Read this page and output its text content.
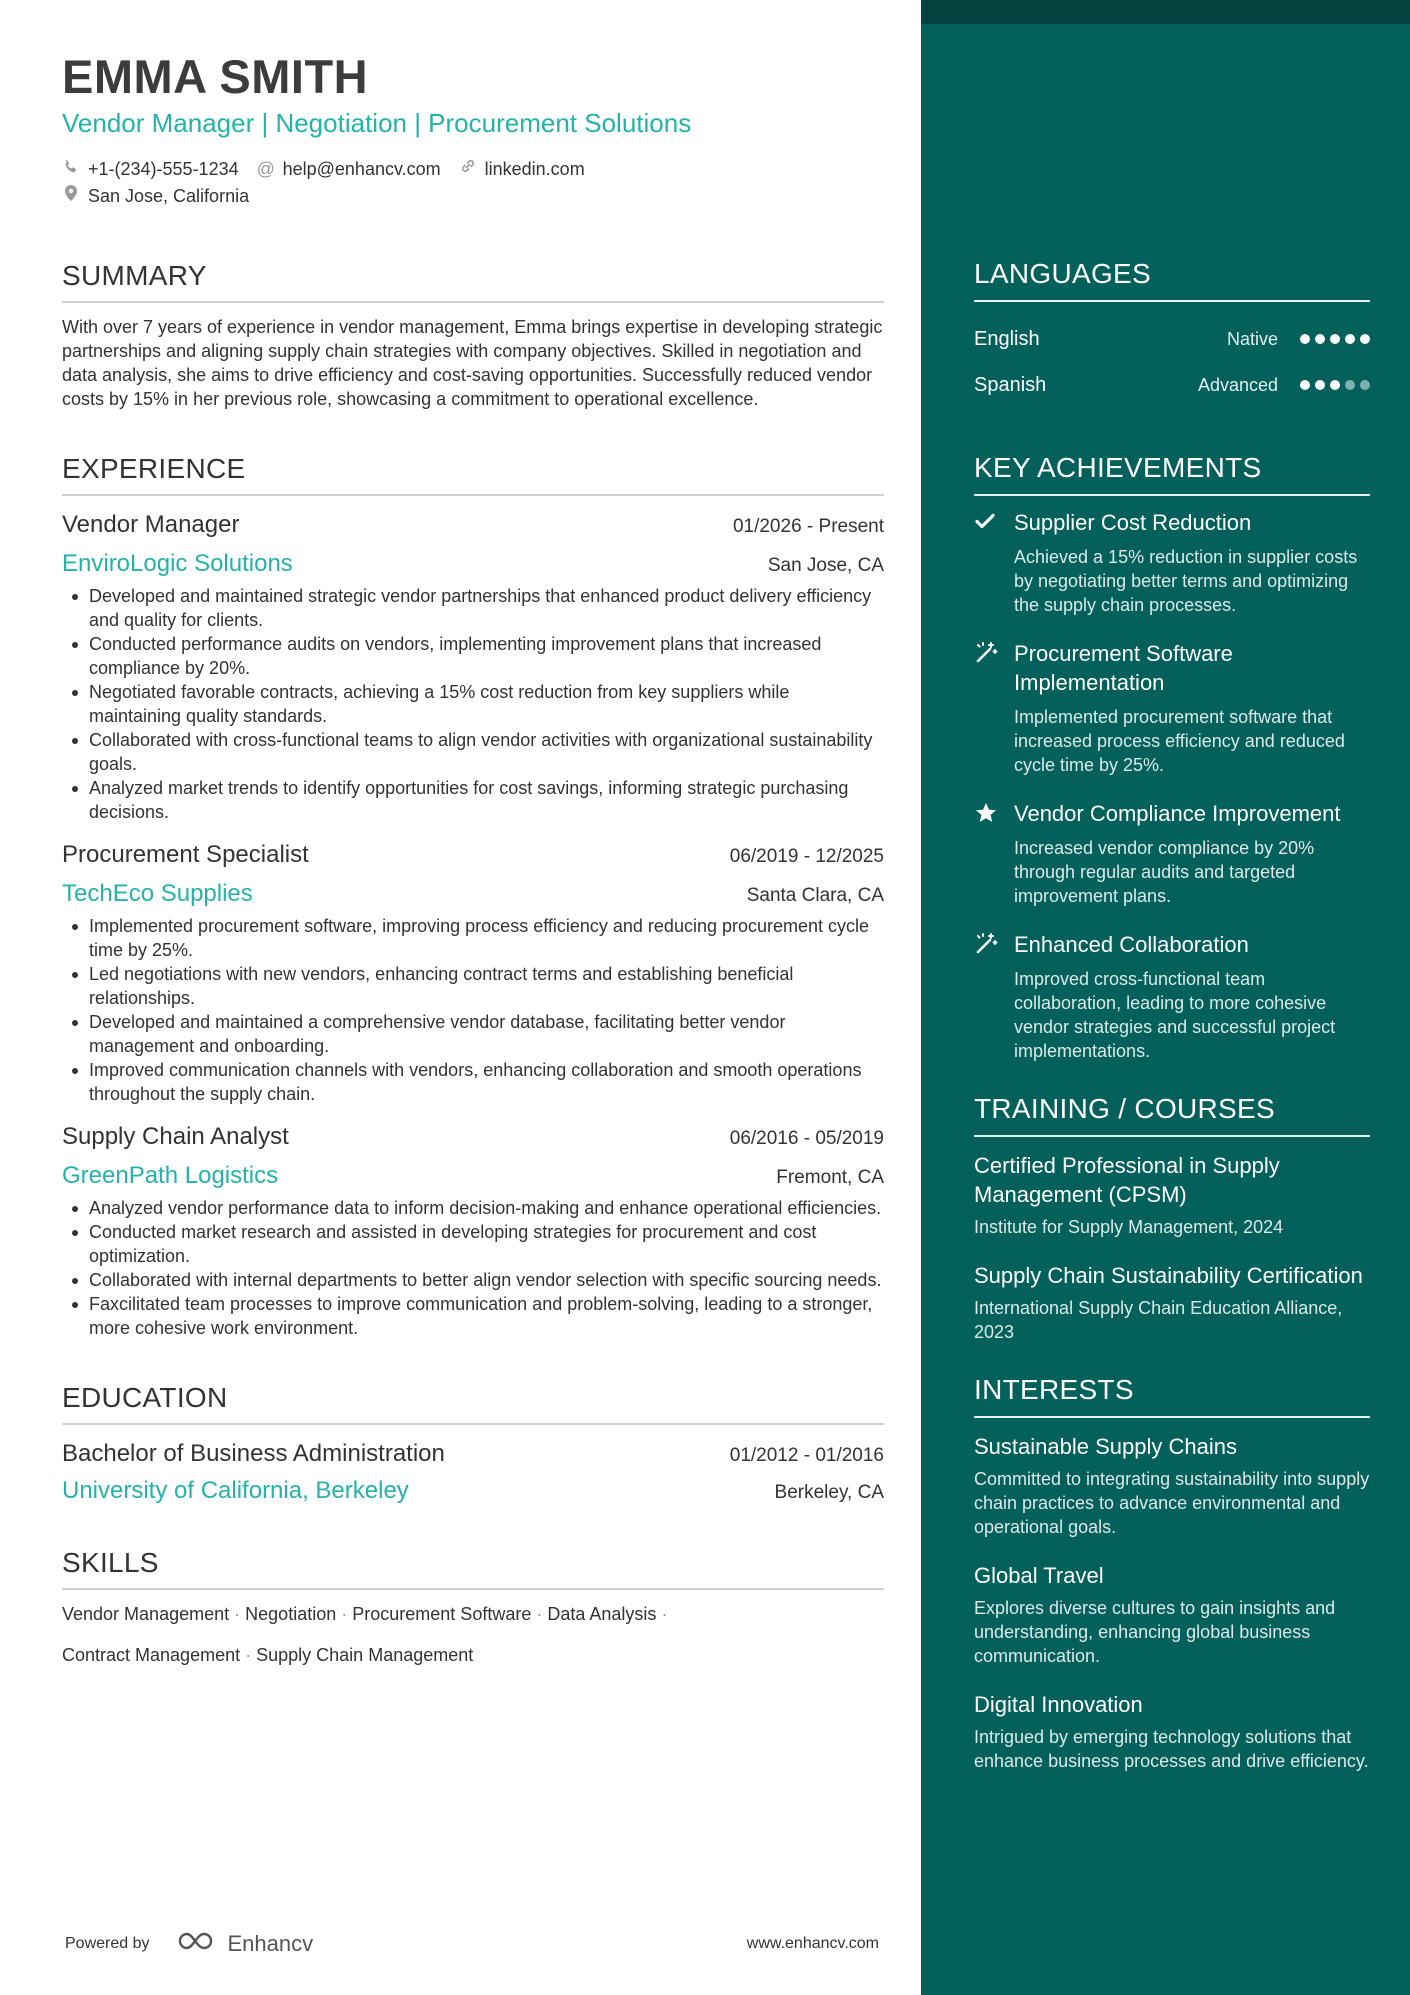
EMMA SMITH
Vendor Manager | Negotiation | Procurement Solutions
+1-(234)-555-1234 @ help@enhancv.com linkedin.com
San Jose, California
SUMMARY
With over 7 years of experience in vendor management, Emma brings expertise in developing strategic partnerships and aligning supply chain strategies with company objectives. Skilled in negotiation and data analysis, she aims to drive efficiency and cost-saving opportunities. Successfully reduced vendor costs by 15% in her previous role, showcasing a commitment to operational excellence.
EXPERIENCE
Vendor Manager	01/2026 - Present
EnviroLogic Solutions	San Jose, CA
Developed and maintained strategic vendor partnerships that enhanced product delivery efficiency and quality for clients.
Conducted performance audits on vendors, implementing improvement plans that increased compliance by 20%.
Negotiated favorable contracts, achieving a 15% cost reduction from key suppliers while maintaining quality standards.
Collaborated with cross-functional teams to align vendor activities with organizational sustainability goals.
Analyzed market trends to identify opportunities for cost savings, informing strategic purchasing decisions.
Procurement Specialist	06/2019 - 12/2025
TechEco Supplies	Santa Clara, CA
Implemented procurement software, improving process efficiency and reducing procurement cycle time by 25%.
Led negotiations with new vendors, enhancing contract terms and establishing beneficial relationships.
Developed and maintained a comprehensive vendor database, facilitating better vendor management and onboarding.
Improved communication channels with vendors, enhancing collaboration and smooth operations throughout the supply chain.
Supply Chain Analyst	06/2016 - 05/2019
GreenPath Logistics	Fremont, CA
Analyzed vendor performance data to inform decision-making and enhance operational efficiencies.
Conducted market research and assisted in developing strategies for procurement and cost optimization.
Collaborated with internal departments to better align vendor selection with specific sourcing needs.
Faxcilitated team processes to improve communication and problem-solving, leading to a stronger, more cohesive work environment.
EDUCATION
Bachelor of Business Administration	01/2012 - 01/2016
University of California, Berkeley	Berkeley, CA
SKILLS
Vendor Management · Negotiation · Procurement Software · Data Analysis ·
Contract Management · Supply Chain Management
Powered by	Enhancv	www.enhancv.com
LANGUAGES
English	Native
Spanish	Advanced
KEY ACHIEVEMENTS
Supplier Cost Reduction
Achieved a 15% reduction in supplier costs by negotiating better terms and optimizing the supply chain processes.
Procurement Software Implementation
Implemented procurement software that increased process efficiency and reduced cycle time by 25%.
Vendor Compliance Improvement
Increased vendor compliance by 20% through regular audits and targeted improvement plans.
Enhanced Collaboration
Improved cross-functional team collaboration, leading to more cohesive vendor strategies and successful project implementations.
TRAINING / COURSES
Certified Professional in Supply Management (CPSM)
Institute for Supply Management, 2024
Supply Chain Sustainability Certification
International Supply Chain Education Alliance, 2023
INTERESTS
Sustainable Supply Chains
Committed to integrating sustainability into supply chain practices to advance environmental and operational goals.
Global Travel
Explores diverse cultures to gain insights and understanding, enhancing global business communication.
Digital Innovation
Intrigued by emerging technology solutions that enhance business processes and drive efficiency.
